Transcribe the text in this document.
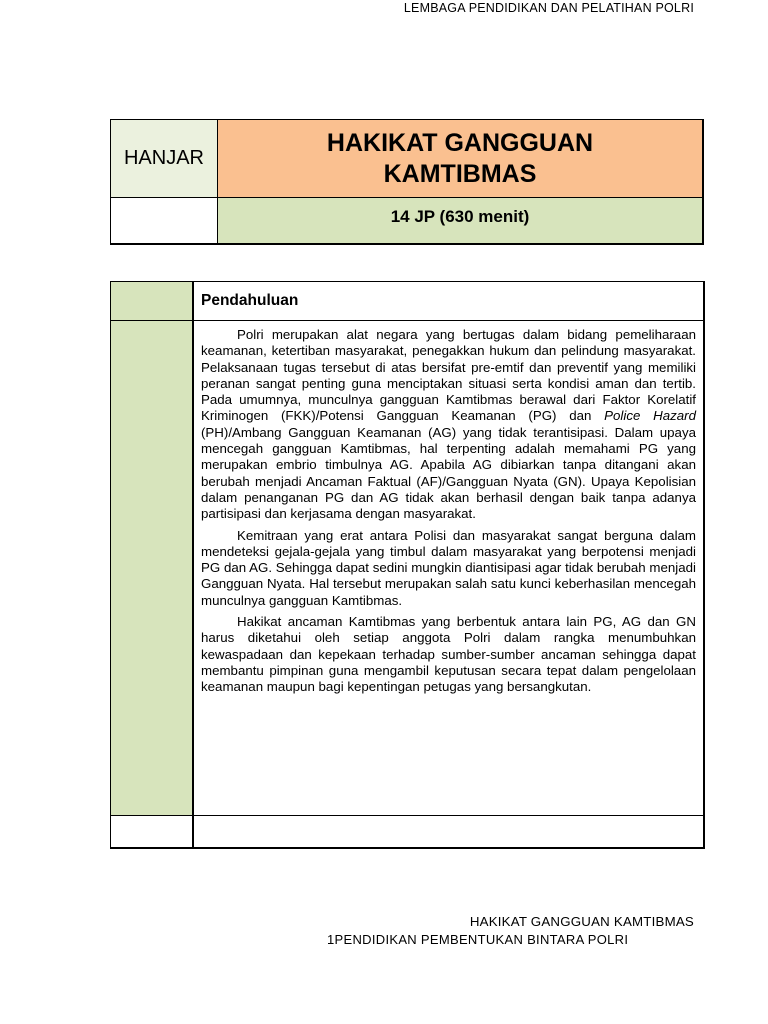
LEMBAGA PENDIDIKAN DAN PELATIHAN POLRI
HANJAR	HAKIKAT GANGGUAN
KAMTIBMAS

	14 JP (630 menit)
	Pendahuluan

	Polri merupakan alat negara yang bertugas dalam bidang pemeliharaan keamanan, ketertiban masyarakat, penegakkan hukum dan pelindung masyarakat. Pelaksanaan tugas tersebut di atas bersifat pre-emtif dan preventif yang memiliki peranan sangat penting guna menciptakan situasi serta kondisi aman dan tertib. Pada umumnya, munculnya gangguan Kamtibmas berawal dari Faktor Korelatif Kriminogen (FKK)/Potensi Gangguan Keamanan (PG) dan Police Hazard (PH)/Ambang Gangguan Keamanan (AG) yang tidak terantisipasi. Dalam upaya mencegah gangguan Kamtibmas, hal terpenting adalah memahami PG yang merupakan embrio timbulnya AG. Apabila AG dibiarkan tanpa ditangani akan berubah menjadi Ancaman Faktual (AF)/Gangguan Nyata (GN). Upaya Kepolisian dalam penanganan PG dan AG tidak akan berhasil dengan baik tanpa adanya partisipasi dan kerjasama dengan masyarakat.

Kemitraan yang erat antara Polisi dan masyarakat sangat berguna dalam mendeteksi gejala-gejala yang timbul dalam masyarakat yang berpotensi menjadi PG dan AG. Sehingga dapat sedini mungkin diantisipasi agar tidak berubah menjadi Gangguan Nyata. Hal tersebut merupakan salah satu kunci keberhasilan mencegah munculnya gangguan Kamtibmas.

Hakikat ancaman Kamtibmas yang berbentuk antara lain PG, AG dan GN harus diketahui oleh setiap anggota Polri dalam rangka menumbuhkan kewaspadaan dan kepekaan terhadap sumber-sumber ancaman sehingga dapat membantu pimpinan guna mengambil keputusan secara tepat dalam pengelolaan keamanan maupun bagi kepentingan petugas yang bersangkutan.

HAKIKAT GANGGUAN KAMTIBMAS
1PENDIDIKAN PEMBENTUKAN BINTARA POLRI
